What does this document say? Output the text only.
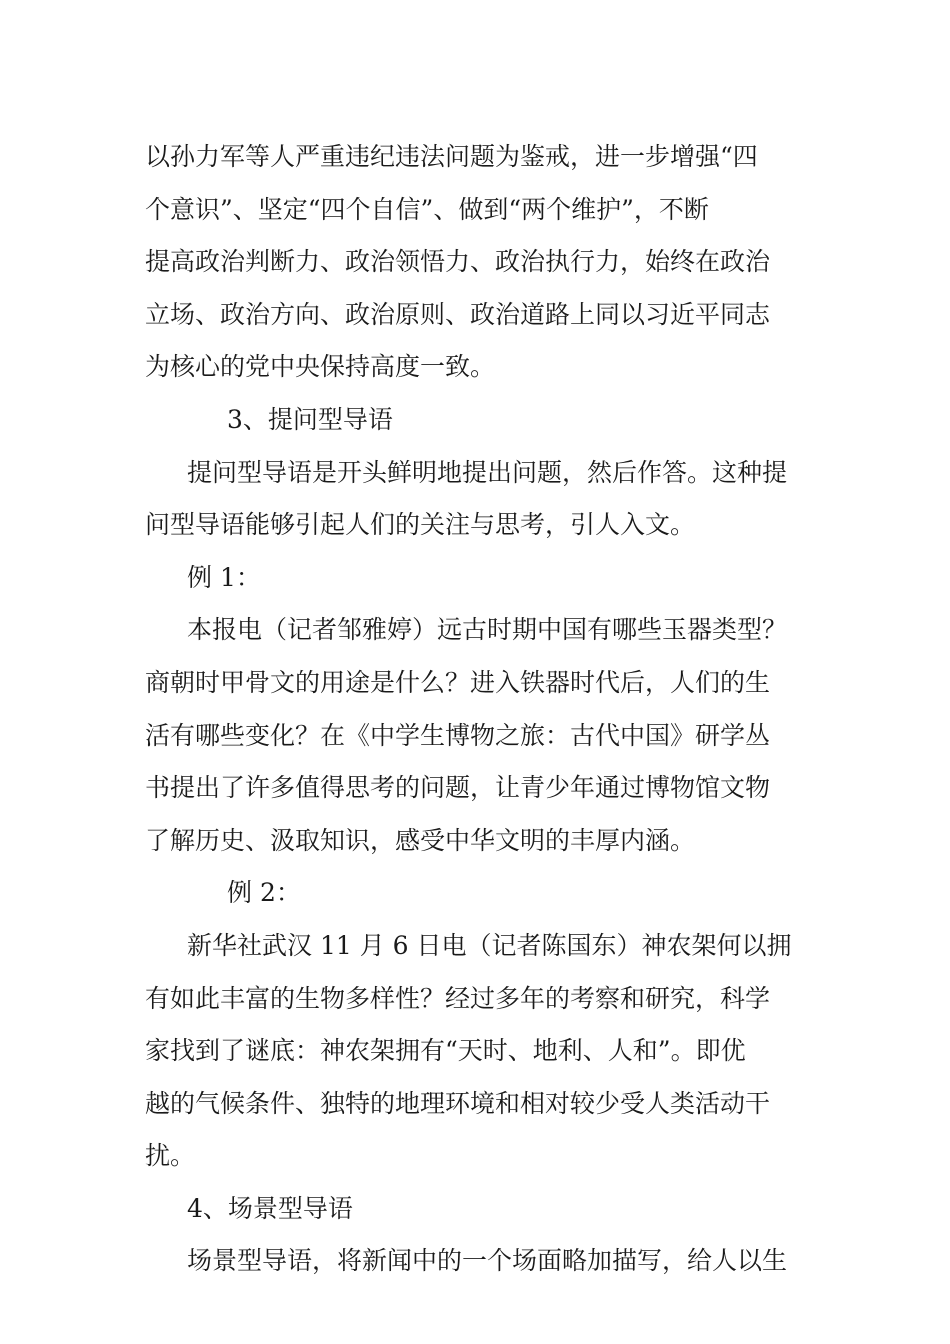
以孙力军等人严重违纪违法问题为鉴戒，进一步增强“四

个意识”、坚定“四个自信”、做到“两个维护”，不断

提高政治判断力、政治领悟力、政治执行力，始终在政治

立场、政治方向、政治原则、政治道路上同以习近平同志

为核心的党中央保持高度一致。

3、提问型导语

提问型导语是开头鲜明地提出问题，然后作答。这种提

问型导语能够引起人们的关注与思考，引人入文。

例 1：

本报电（记者邹雅婷）远古时期中国有哪些玉器类型？

商朝时甲骨文的用途是什么？进入铁器时代后，人们的生

活有哪些变化？在《中学生博物之旅：古代中国》研学丛

书提出了许多值得思考的问题，让青少年通过博物馆文物

了解历史、汲取知识，感受中华文明的丰厚内涵。

例 2：

新华社武汉 11 月 6 日电（记者陈国东）神农架何以拥

有如此丰富的生物多样性？经过多年的考察和研究，科学

家找到了谜底：神农架拥有“天时、地利、人和”。即优

越的气候条件、独特的地理环境和相对较少受人类活动干

扰。

4、场景型导语

场景型导语，将新闻中的一个场面略加描写，给人以生
